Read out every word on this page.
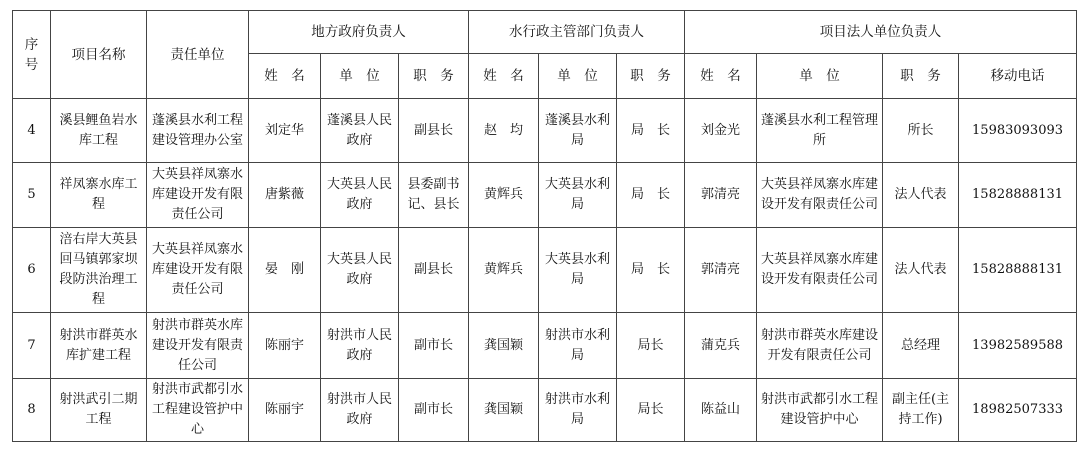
序号	项目名称	责任单位	地方政府负责人			水行政主管部门负责人			项目法人单位负责人			
			姓　名	单　位	职　务	姓　名	单　位	职　务	姓　名	单　位	职　务	移动电话
4	溪县鲤鱼岩水库工程	蓬溪县水利工程建设管理办公室	刘定华	蓬溪县人民政府	副县长	赵　均	蓬溪县水利局	局　长	刘金光	蓬溪县水利工程管理所	所长	15983093093
5	祥凤寨水库工程	大英县祥凤寨水库建设开发有限责任公司	唐紫薇	大英县人民政府	县委副书记、县长	黄辉兵	大英县水利局	局　长	郭清亮	大英县祥凤寨水库建设开发有限责任公司	法人代表	15828888131
6	涪右岸大英县回马镇郭家坝段防洪治理工程	大英县祥凤寨水库建设开发有限责任公司	晏　刚	大英县人民政府	副县长	黄辉兵	大英县水利局	局　长	郭清亮	大英县祥凤寨水库建设开发有限责任公司	法人代表	15828888131
7	射洪市群英水库扩建工程	射洪市群英水库建设开发有限责任公司	陈丽宇	射洪市人民政府	副市长	龚国颖	射洪市水利局	局长	蒲克兵	射洪市群英水库建设开发有限责任公司	总经理	13982589588
8	射洪武引二期工程	射洪市武都引水工程建设管护中心	陈丽宇	射洪市人民政府	副市长	龚国颖	射洪市水利局	局长	陈益山	射洪市武都引水工程建设管护中心	副主任(主持工作)	18982507333
